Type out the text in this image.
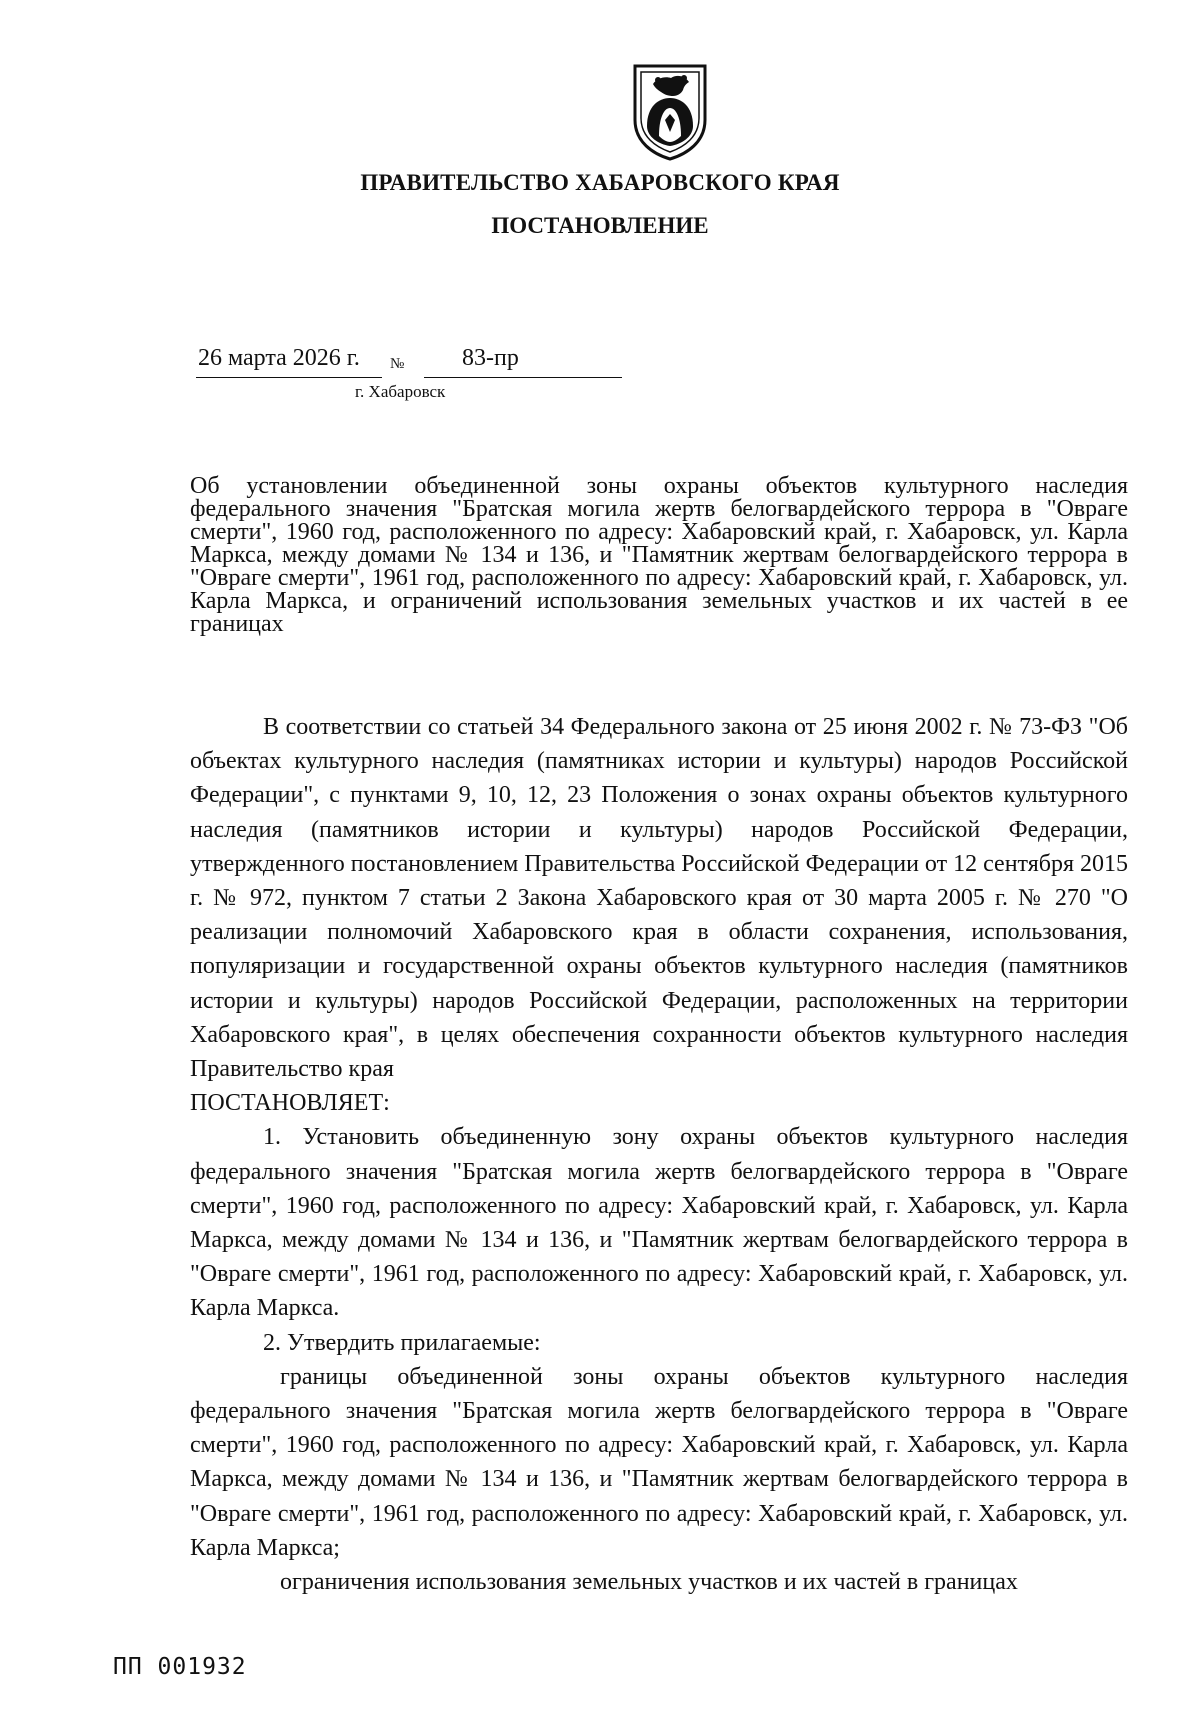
ПРАВИТЕЛЬСТВО ХАБАРОВСКОГО КРАЯ
ПОСТАНОВЛЕНИЕ
26 марта 2026 г. № 83-пр
г. Хабаровск
Об установлении объединенной зоны охраны объектов культурного наследия федерального значения "Братская могила жертв белогвардейского террора в "Овраге смерти", 1960 год, расположенного по адресу: Хабаровский край, г. Хабаровск, ул. Карла Маркса, между домами № 134 и 136, и "Памятник жертвам белогвардейского террора в "Овраге смерти", 1961 год, расположенного по адресу: Хабаровский край, г. Хабаровск, ул. Карла Маркса, и ограничений использования земельных участков и их частей в ее границах

В соответствии со статьей 34 Федерального закона от 25 июня 2002 г. № 73-ФЗ "Об объектах культурного наследия (памятниках истории и культуры) народов Российской Федерации", с пунктами 9, 10, 12, 23 Положения о зонах охраны объектов культурного наследия (памятников истории и культуры) народов Российской Федерации, утвержденного постановлением Правительства Российской Федерации от 12 сентября 2015 г. № 972, пунктом 7 статьи 2 Закона Хабаровского края от 30 марта 2005 г. № 270 "О реализации полномочий Хабаровского края в области сохранения, использования, популяризации и государственной охраны объектов культурного наследия (памятников истории и культуры) народов Российской Федерации, расположенных на территории Хабаровского края", в целях обеспечения сохранности объектов культурного наследия Правительство края

ПОСТАНОВЛЯЕТ:

1. Установить объединенную зону охраны объектов культурного наследия федерального значения "Братская могила жертв белогвардейского террора в "Овраге смерти", 1960 год, расположенного по адресу: Хабаровский край, г. Хабаровск, ул. Карла Маркса, между домами № 134 и 136, и "Памятник жертвам белогвардейского террора в "Овраге смерти", 1961 год, расположенного по адресу: Хабаровский край, г. Хабаровск, ул. Карла Маркса.

2. Утвердить прилагаемые:

границы объединенной зоны охраны объектов культурного наследия федерального значения "Братская могила жертв белогвардейского террора в "Овраге смерти", 1960 год, расположенного по адресу: Хабаровский край, г. Хабаровск, ул. Карла Маркса, между домами № 134 и 136, и "Памятник жертвам белогвардейского террора в "Овраге смерти", 1961 год, расположенного по адресу: Хабаровский край, г. Хабаровск, ул. Карла Маркса;

ограничения использования земельных участков и их частей в границах

ПП 001932
